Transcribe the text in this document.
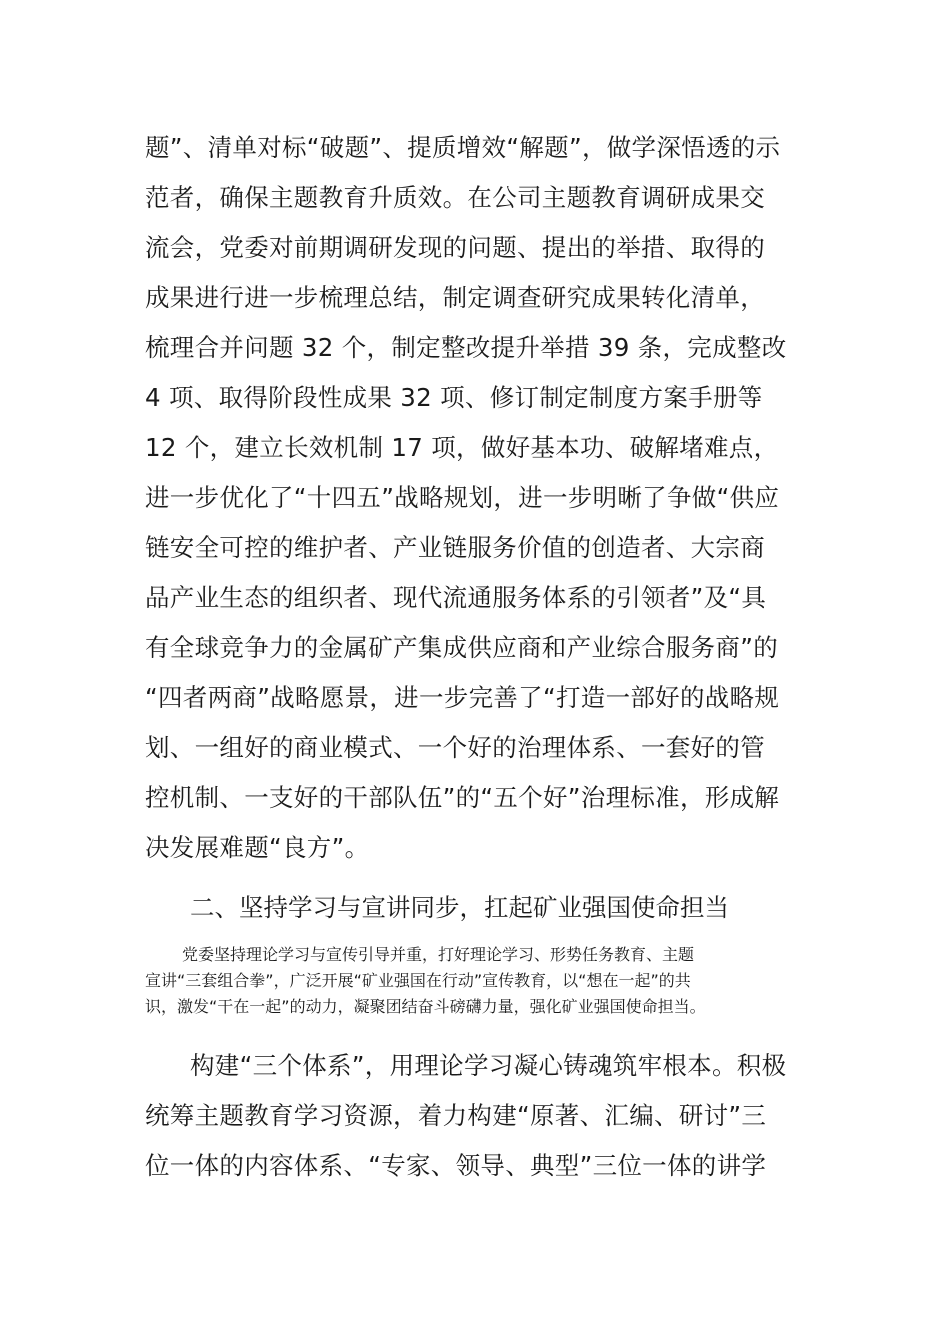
题”、清单对标“破题”、提质增效“解题”，做学深悟透的示
范者，确保主题教育升质效。在公司主题教育调研成果交
流会，党委对前期调研发现的问题、提出的举措、取得的
成果进行进一步梳理总结，制定调查研究成果转化清单，
梳理合并问题 32 个，制定整改提升举措 39 条，完成整改
4 项、取得阶段性成果 32 项、修订制定制度方案手册等
12 个，建立长效机制 17 项，做好基本功、破解堵难点，
进一步优化了“十四五”战略规划，进一步明晰了争做“供应
链安全可控的维护者、产业链服务价值的创造者、大宗商
品产业生态的组织者、现代流通服务体系的引领者”及“具
有全球竞争力的金属矿产集成供应商和产业综合服务商”的
“四者两商”战略愿景，进一步完善了“打造一部好的战略规
划、一组好的商业模式、一个好的治理体系、一套好的管
控机制、一支好的干部队伍”的“五个好”治理标准，形成解
决发展难题“良方”。
二、坚持学习与宣讲同步，扛起矿业强国使命担当
党委坚持理论学习与宣传引导并重，打好理论学习、形势任务教育、主题
宣讲“三套组合拳”，广泛开展“矿业强国在行动”宣传教育，以“想在一起”的共
识，激发“干在一起”的动力，凝聚团结奋斗磅礴力量，强化矿业强国使命担当。
构建“三个体系”，用理论学习凝心铸魂筑牢根本。积极
统筹主题教育学习资源，着力构建“原著、汇编、研讨”三
位一体的内容体系、“专家、领导、典型”三位一体的讲学
